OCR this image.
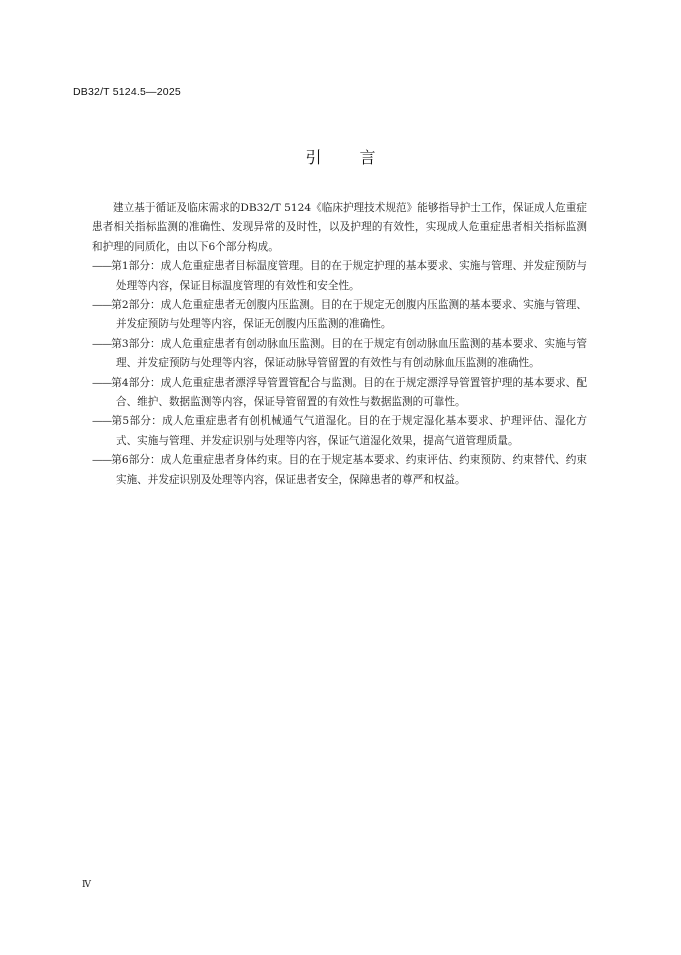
DB32/T 5124.5—2025
引言

建立基于循证及临床需求的DB32/T 5124《临床护理技术规范》能够指导护士工作，保证成人危重症患者相关指标监测的准确性、发现异常的及时性，以及护理的有效性，实现成人危重症患者相关指标监测和护理的同质化，由以下6个部分构成。

——第1部分：成人危重症患者目标温度管理。目的在于规定护理的基本要求、实施与管理、并发症预防与处理等内容，保证目标温度管理的有效性和安全性。

——第2部分：成人危重症患者无创腹内压监测。目的在于规定无创腹内压监测的基本要求、实施与管理、并发症预防与处理等内容，保证无创腹内压监测的准确性。

——第3部分：成人危重症患者有创动脉血压监测。目的在于规定有创动脉血压监测的基本要求、实施与管理、并发症预防与处理等内容，保证动脉导管留置的有效性与有创动脉血压监测的准确性。

——第4部分：成人危重症患者漂浮导管置管配合与监测。目的在于规定漂浮导管置管护理的基本要求、配合、维护、数据监测等内容，保证导管留置的有效性与数据监测的可靠性。

——第5部分：成人危重症患者有创机械通气气道湿化。目的在于规定湿化基本要求、护理评估、湿化方式、实施与管理、并发症识别与处理等内容，保证气道湿化效果，提高气道管理质量。

——第6部分：成人危重症患者身体约束。目的在于规定基本要求、约束评估、约束预防、约束替代、约束实施、并发症识别及处理等内容，保证患者安全，保障患者的尊严和权益。

Ⅳ
